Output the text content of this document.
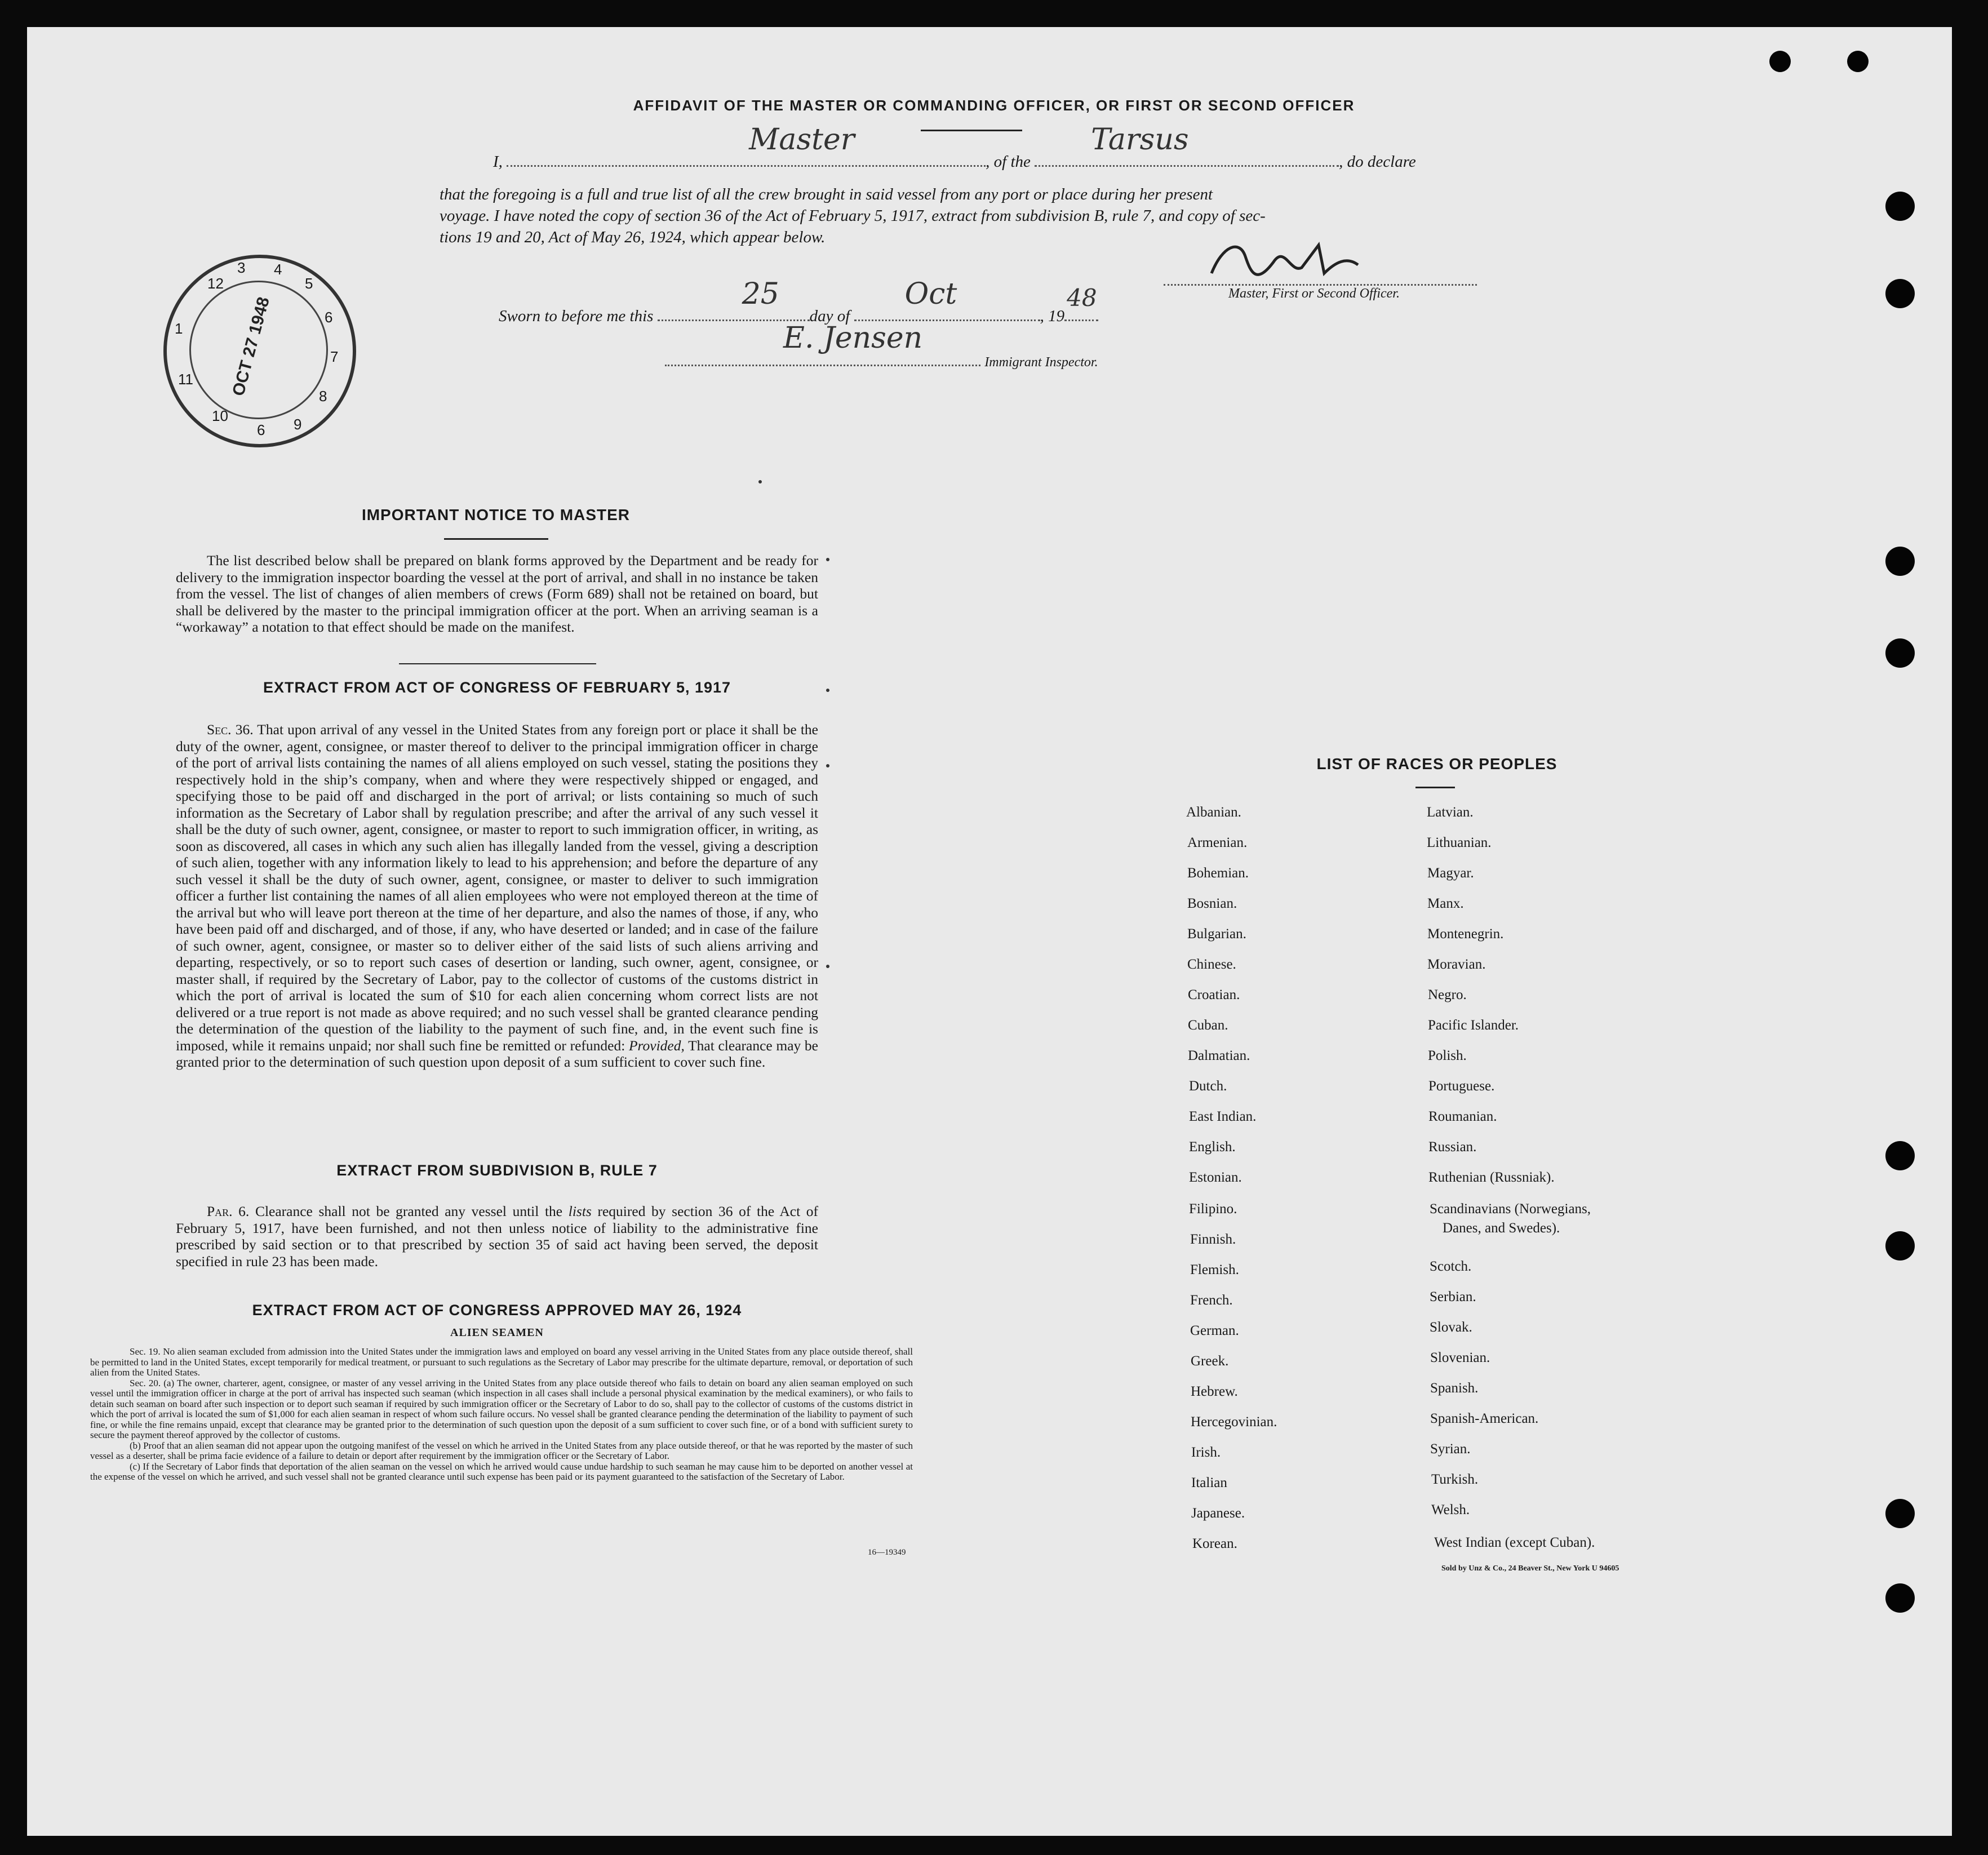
AFFIDAVIT OF THE MASTER OR COMMANDING OFFICER, OR FIRST OR SECOND OFFICER
I,
Master
, of the
Tarsus
, do declare
that the foregoing is a full and true list of all the crew brought in said vessel from any port or place during her present
voyage. I have noted the copy of section 36 of the Act of February 5, 1917, extract from subdivision B, rule 7, and copy of sec-
tions 19 and 20, Act of May 26, 1924, which appear below.
Master, First or Second Officer.
Sworn to before me this
25
day of
Oct
, 19
48
E. Jensen
Immigrant Inspector.
OCT 27 1948
12
3 4
5
6
7
8
9
10
11
1
6
IMPORTANT NOTICE TO MASTER

The list described below shall be prepared on blank forms approved by the Department and be ready for delivery to the immigration inspector boarding the vessel at the port of arrival, and shall in no instance be taken from the vessel. The list of changes of alien members of crews (Form 689) shall not be retained on board, but shall be delivered by the master to the principal immigration officer at the port. When an arriving seaman is a “workaway” a notation to that effect should be made on the manifest.

EXTRACT FROM ACT OF CONGRESS OF FEBRUARY 5, 1917

Sec. 36. That upon arrival of any vessel in the United States from any foreign port or place it shall be the duty of the owner, agent, consignee, or master thereof to deliver to the principal immigration officer in charge of the port of arrival lists containing the names of all aliens employed on such vessel, stating the positions they respectively hold in the ship’s company, when and where they were respectively shipped or engaged, and specifying those to be paid off and discharged in the port of arrival; or lists containing so much of such information as the Secretary of Labor shall by regulation prescribe; and after the arrival of any such vessel it shall be the duty of such owner, agent, consignee, or master to report to such immigration officer, in writing, as soon as discovered, all cases in which any such alien has illegally landed from the vessel, giving a description of such alien, together with any information likely to lead to his apprehension; and before the departure of any such vessel it shall be the duty of such owner, agent, consignee, or master to deliver to such immigration officer a further list containing the names of all alien employees who were not employed thereon at the time of the arrival but who will leave port thereon at the time of her departure, and also the names of those, if any, who have been paid off and discharged, and of those, if any, who have deserted or landed; and in case of the failure of such owner, agent, consignee, or master so to deliver either of the said lists of such aliens arriving and departing, respectively, or so to report such cases of desertion or landing, such owner, agent, consignee, or master shall, if required by the Secretary of Labor, pay to the collector of customs of the customs district in which the port of arrival is located the sum of $10 for each alien concerning whom correct lists are not delivered or a true report is not made as above required; and no such vessel shall be granted clearance pending the determination of the question of the liability to the payment of such fine, and, in the event such fine is imposed, while it remains unpaid; nor shall such fine be remitted or refunded: Provided, That clearance may be granted prior to the determination of such question upon deposit of a sum sufficient to cover such fine.

EXTRACT FROM SUBDIVISION B, RULE 7

Par. 6. Clearance shall not be granted any vessel until the lists required by section 36 of the Act of February 5, 1917, have been furnished, and not then unless notice of liability to the administrative fine prescribed by said section or to that prescribed by section 35 of said act having been served, the deposit specified in rule 23 has been made.

EXTRACT FROM ACT OF CONGRESS APPROVED MAY 26, 1924
ALIEN SEAMEN

Sec. 19. No alien seaman excluded from admission into the United States under the immigration laws and employed on board any vessel arriving in the United States from any place outside thereof, shall be permitted to land in the United States, except temporarily for medical treatment, or pursuant to such regulations as the Secretary of Labor may prescribe for the ultimate departure, removal, or deportation of such alien from the United States.

Sec. 20. (a) The owner, charterer, agent, consignee, or master of any vessel arriving in the United States from any place outside thereof who fails to detain on board any alien seaman employed on such vessel until the immigration officer in charge at the port of arrival has inspected such seaman (which inspection in all cases shall include a personal physical examination by the medical examiners), or who fails to detain such seaman on board after such inspection or to deport such seaman if required by such immigration officer or the Secretary of Labor to do so, shall pay to the collector of customs of the customs district in which the port of arrival is located the sum of $1,000 for each alien seaman in respect of whom such failure occurs. No vessel shall be granted clearance pending the determination of the liability to payment of such fine, or while the fine remains unpaid, except that clearance may be granted prior to the determination of such question upon the deposit of a sum sufficient to cover such fine, or of a bond with sufficient surety to secure the payment thereof approved by the collector of customs.

(b) Proof that an alien seaman did not appear upon the outgoing manifest of the vessel on which he arrived in the United States from any place outside thereof, or that he was reported by the master of such vessel as a deserter, shall be prima facie evidence of a failure to detain or deport after requirement by the immigration officer or the Secretary of Labor.

(c) If the Secretary of Labor finds that deportation of the alien seaman on the vessel on which he arrived would cause undue hardship to such seaman he may cause him to be deported on another vessel at the expense of the vessel on which he arrived, and such vessel shall not be granted clearance until such expense has been paid or its payment guaranteed to the satisfaction of the Secretary of Labor.

16—19349
LIST OF RACES OR PEOPLES
Albanian.
Armenian.
Bohemian.
Bosnian.
Bulgarian.
Chinese.
Croatian.
Cuban.
Dalmatian.
Dutch.
East Indian.
English.
Estonian.
Filipino.
Finnish.
Flemish.
French.
German.
Greek.
Hebrew.
Hercegovinian.
Irish.
Italian
Japanese.
Korean.
Latvian.
Lithuanian.
Magyar.
Manx.
Montenegrin.
Moravian.
Negro.
Pacific Islander.
Polish.
Portuguese.
Roumanian.
Russian.
Ruthenian (Russniak).
Scandinavians (Norwegians,
Danes, and Swedes).
Scotch.
Serbian.
Slovak.
Slovenian.
Spanish.
Spanish-American.
Syrian.
Turkish.
Welsh.
West Indian (except Cuban).
Sold by Unz & Co., 24 Beaver St., New York U 94605
